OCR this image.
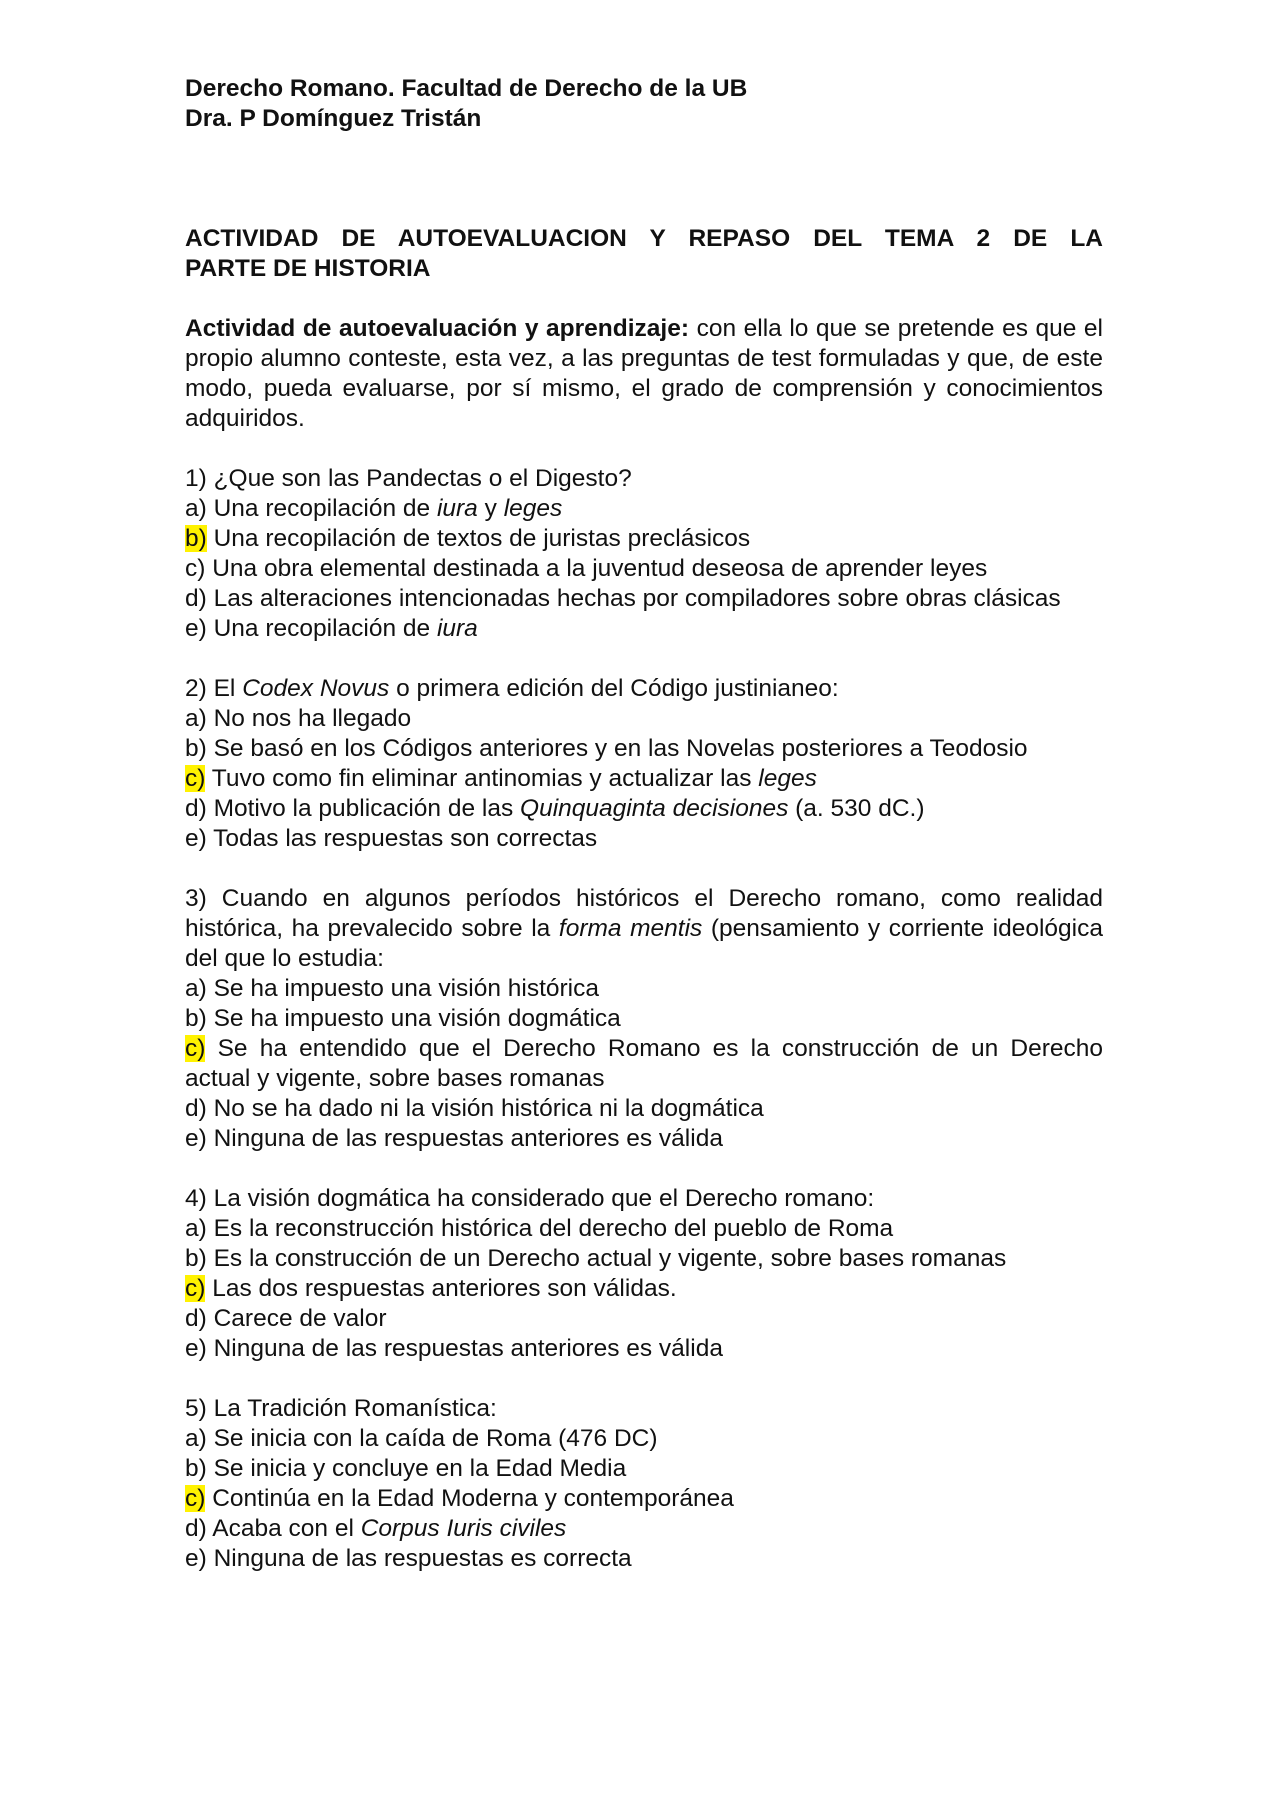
Derecho Romano. Facultad de Derecho de la UB

Dra. P Domínguez Tristán

ACTIVIDAD DE AUTOEVALUACION Y REPASO DEL TEMA 2 DE LA
PARTE DE HISTORIA

Actividad de autoevaluación y aprendizaje: con ella lo que se pretende es que el propio alumno conteste, esta vez, a las preguntas de test formuladas y que, de este modo, pueda evaluarse, por sí mismo, el grado de comprensión y conocimientos adquiridos.

1) ¿Que son las Pandectas o el Digesto?

a) Una recopilación de iura y leges

b) Una recopilación de textos de juristas preclásicos

c) Una obra elemental destinada a la juventud deseosa de aprender leyes

d) Las alteraciones intencionadas hechas por compiladores sobre obras clásicas

e) Una recopilación de iura

2) El Codex Novus o primera edición del Código justinianeo:

a) No nos ha llegado

b) Se basó en los Códigos anteriores y en las Novelas posteriores a Teodosio

c) Tuvo como fin eliminar antinomias y actualizar las leges

d) Motivo la publicación de las Quinquaginta decisiones (a. 530 dC.)

e) Todas las respuestas son correctas

3) Cuando en algunos períodos históricos el Derecho romano, como realidad histórica, ha prevalecido sobre la forma mentis (pensamiento y corriente ideológica del que lo estudia:

a) Se ha impuesto una visión histórica

b) Se ha impuesto una visión dogmática

c) Se ha entendido que el Derecho Romano es la construcción de un Derecho actual y vigente, sobre bases romanas

d) No se ha dado ni la visión histórica ni la dogmática

e) Ninguna de las respuestas anteriores es válida

4) La visión dogmática ha considerado que el Derecho romano:

a) Es la reconstrucción histórica del derecho del pueblo de Roma

b) Es la construcción de un Derecho actual y vigente, sobre bases romanas

c) Las dos respuestas anteriores son válidas.

d) Carece de valor

e) Ninguna de las respuestas anteriores es válida

5) La Tradición Romanística:

a) Se inicia con la caída de Roma (476 DC)

b) Se inicia y concluye en la Edad Media

c) Continúa en la Edad Moderna y contemporánea

d) Acaba con el Corpus Iuris civiles

e) Ninguna de las respuestas es correcta
